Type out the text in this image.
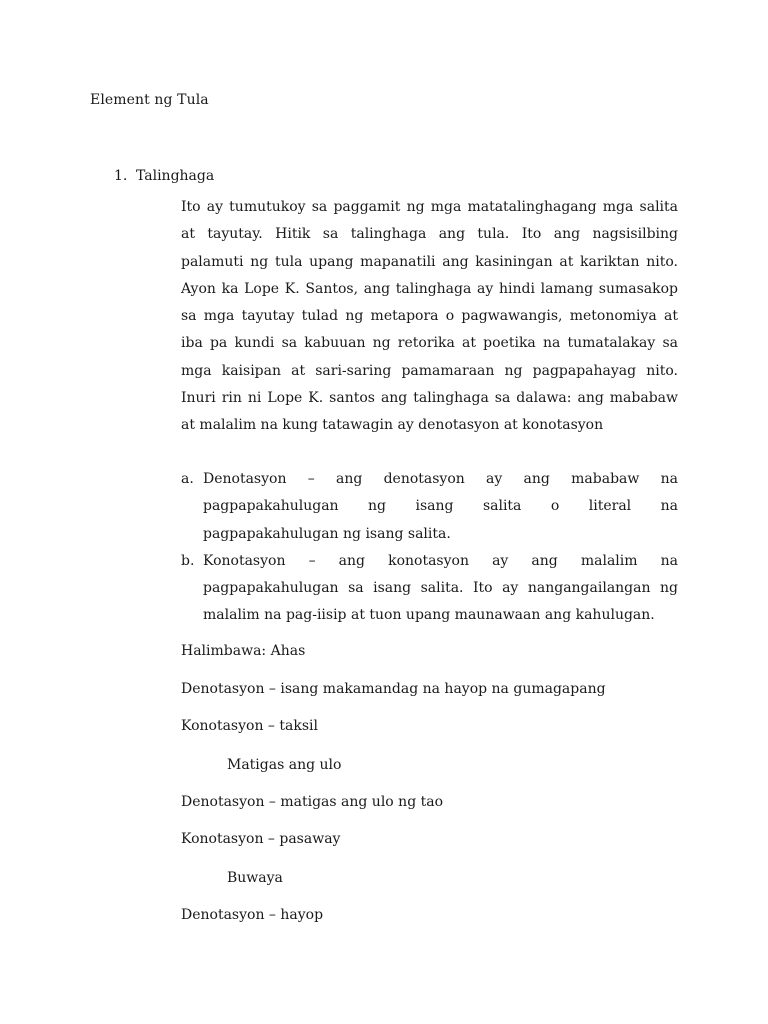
Element ng Tula
1. Talinghaga
Ito ay tumutukoy sa paggamit ng mga matatalinghagang mga salita
at tayutay. Hitik sa talinghaga ang tula. Ito ang nagsisilbing
palamuti ng tula upang mapanatili ang kasiningan at kariktan nito.
Ayon ka Lope K. Santos, ang talinghaga ay hindi lamang sumasakop
sa mga tayutay tulad ng metapora o pagwawangis, metonomiya at
iba pa kundi sa kabuuan ng retorika at poetika na tumatalakay sa
mga kaisipan at sari-saring pamamaraan ng pagpapahayag nito.
Inuri rin ni Lope K. santos ang talinghaga sa dalawa: ang mababaw
at malalim na kung tatawagin ay denotasyon at konotasyon
a. Denotasyon – ang denotasyon ay ang mababaw na
pagpapakahulugan ng isang salita o literal na
pagpapakahulugan ng isang salita.
b. Konotasyon – ang konotasyon ay ang malalim na
pagpapakahulugan sa isang salita. Ito ay nangangailangan ng
malalim na pag-iisip at tuon upang maunawaan ang kahulugan.
Halimbawa: Ahas
Denotasyon – isang makamandag na hayop na gumagapang
Konotasyon – taksil
Matigas ang ulo
Denotasyon – matigas ang ulo ng tao
Konotasyon – pasaway
Buwaya
Denotasyon – hayop
